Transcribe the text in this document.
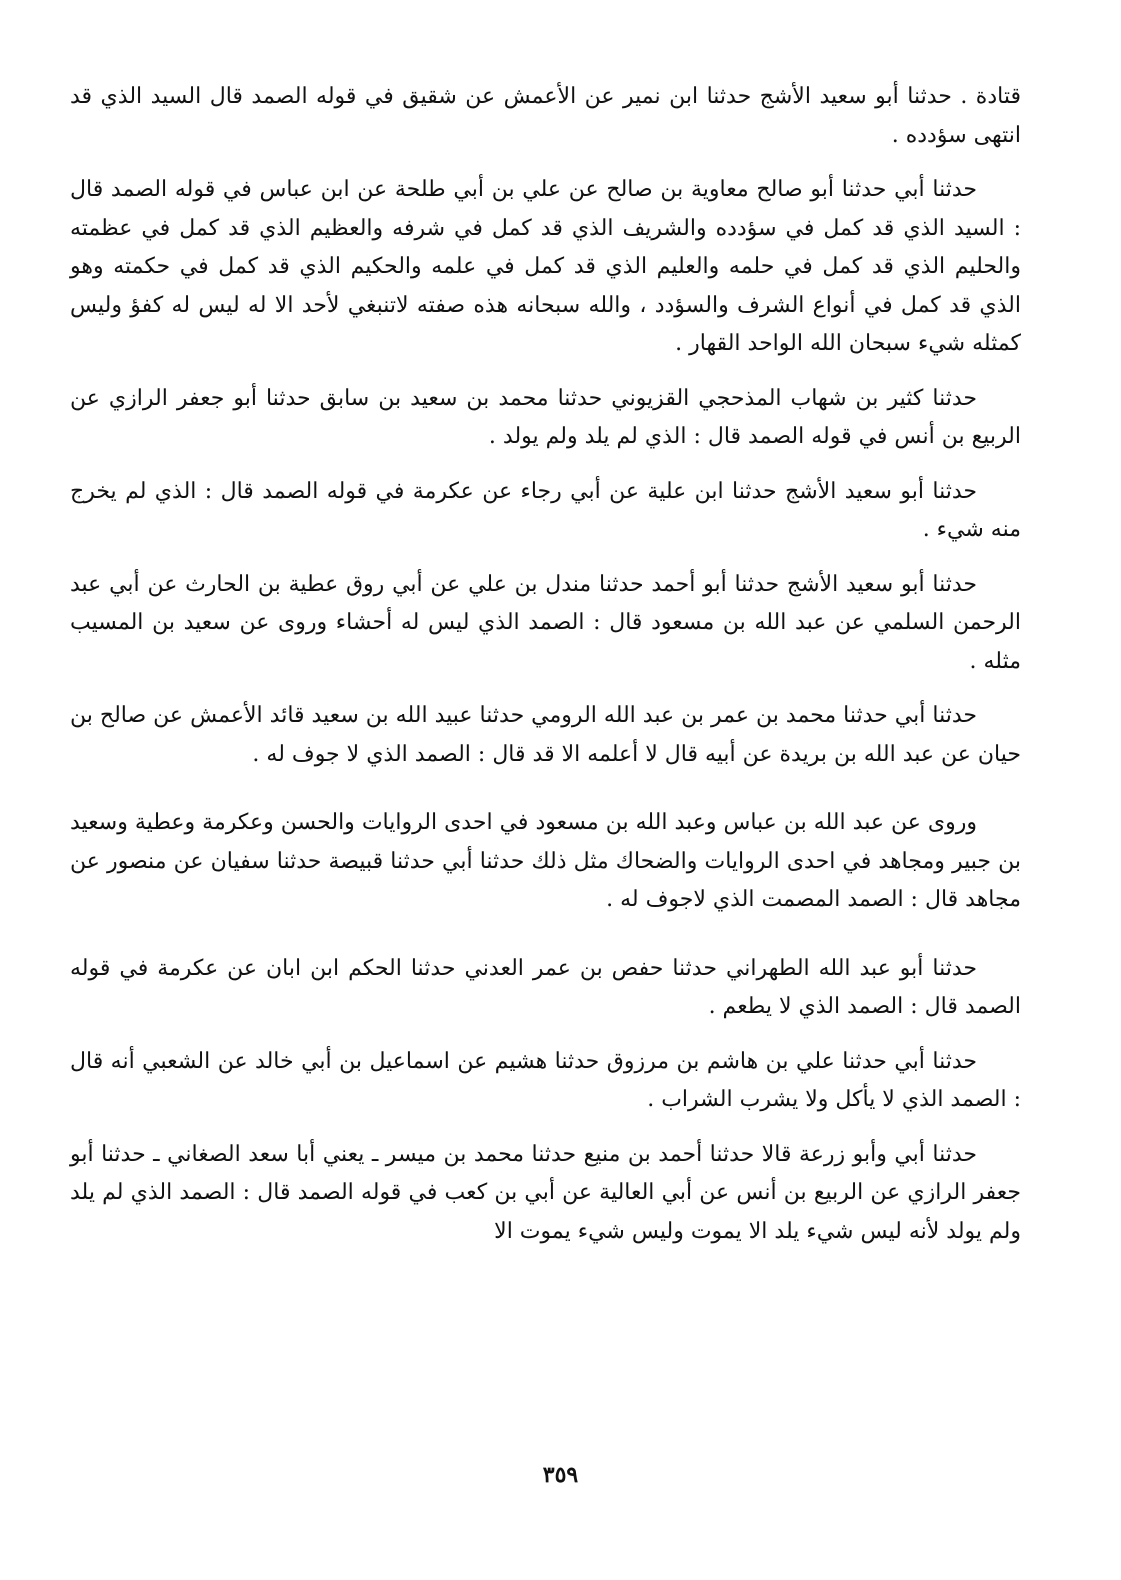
قتادة . حدثنا أبو سعيد الأشج حدثنا ابن نمير عن الأعمش عن شقيق في قوله الصمد قال السيد الذي قد انتهى سؤدده .

حدثنا أبي حدثنا أبو صالح معاوية بن صالح عن علي بن أبي طلحة عن ابن عباس في قوله الصمد قال : السيد الذي قد كمل في سؤدده والشريف الذي قد كمل في شرفه والعظيم الذي قد كمل في عظمته والحليم الذي قد كمل في حلمه والعليم الذي قد كمل في علمه والحكيم الذي قد كمل في حكمته وهو الذي قد كمل في أنواع الشرف والسؤدد ، والله سبحانه هذه صفته لاتنبغي لأحد الا له ليس له كفؤ وليس كمثله شيء سبحان الله الواحد القهار .

حدثنا كثير بن شهاب المذحجي القزيوني حدثنا محمد بن سعيد بن سابق حدثنا أبو جعفر الرازي عن الربيع بن أنس في قوله الصمد قال : الذي لم يلد ولم يولد .

حدثنا أبو سعيد الأشج حدثنا ابن علية عن أبي رجاء عن عكرمة في قوله الصمد قال : الذي لم يخرج منه شيء .

حدثنا أبو سعيد الأشج حدثنا أبو أحمد حدثنا مندل بن علي عن أبي روق عطية بن الحارث عن أبي عبد الرحمن السلمي عن عبد الله بن مسعود قال : الصمد الذي ليس له أحشاء وروى عن سعيد بن المسيب مثله .

حدثنا أبي حدثنا محمد بن عمر بن عبد الله الرومي حدثنا عبيد الله بن سعيد قائد الأعمش عن صالح بن حيان عن عبد الله بن بريدة عن أبيه قال لا أعلمه الا قد قال : الصمد الذي لا جوف له .

وروى عن عبد الله بن عباس وعبد الله بن مسعود في احدى الروايات والحسن وعكرمة وعطية وسعيد بن جبير ومجاهد في احدى الروايات والضحاك مثل ذلك حدثنا أبي حدثنا قبيصة حدثنا سفيان عن منصور عن مجاهد قال : الصمد المصمت الذي لاجوف له .

حدثنا أبو عبد الله الطهراني حدثنا حفص بن عمر العدني حدثنا الحكم ابن ابان عن عكرمة في قوله الصمد قال : الصمد الذي لا يطعم .

حدثنا أبي حدثنا علي بن هاشم بن مرزوق حدثنا هشيم عن اسماعيل بن أبي خالد عن الشعبي أنه قال : الصمد الذي لا يأكل ولا يشرب الشراب .

حدثنا أبي وأبو زرعة قالا حدثنا أحمد بن منيع حدثنا محمد بن ميسر ـ يعني أبا سعد الصغاني ـ حدثنا أبو جعفر الرازي عن الربيع بن أنس عن أبي العالية عن أبي بن كعب في قوله الصمد قال : الصمد الذي لم يلد ولم يولد لأنه ليس شيء يلد الا يموت وليس شيء يموت الا

٣٥٩
